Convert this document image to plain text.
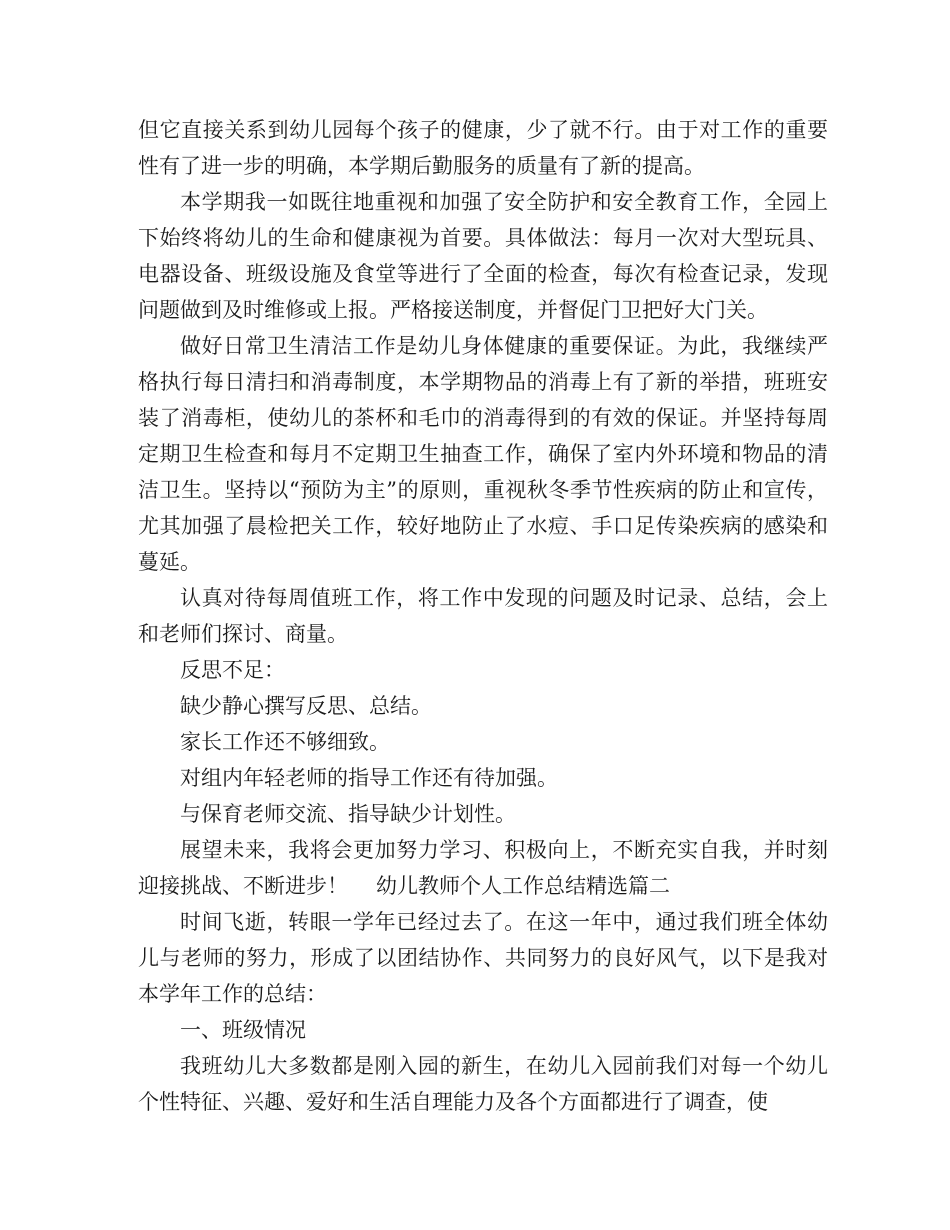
但它直接关系到幼儿园每个孩子的健康，少了就不行。由于对工作的重要性有了进一步的明确，本学期后勤服务的质量有了新的提高。

本学期我一如既往地重视和加强了安全防护和安全教育工作，全园上下始终将幼儿的生命和健康视为首要。具体做法：每月一次对大型玩具、电器设备、班级设施及食堂等进行了全面的检查，每次有检查记录，发现问题做到及时维修或上报。严格接送制度，并督促门卫把好大门关。

做好日常卫生清洁工作是幼儿身体健康的重要保证。为此，我继续严格执行每日清扫和消毒制度，本学期物品的消毒上有了新的举措，班班安装了消毒柜，使幼儿的茶杯和毛巾的消毒得到的有效的保证。并坚持每周定期卫生检查和每月不定期卫生抽查工作，确保了室内外环境和物品的清洁卫生。坚持以“预防为主”的原则，重视秋冬季节性疾病的防止和宣传，尤其加强了晨检把关工作，较好地防止了水痘、手口足传染疾病的感染和蔓延。

认真对待每周值班工作，将工作中发现的问题及时记录、总结，会上和老师们探讨、商量。

反思不足：

缺少静心撰写反思、总结。

家长工作还不够细致。

对组内年轻老师的指导工作还有待加强。

与保育老师交流、指导缺少计划性。

展望未来，我将会更加努力学习、积极向上，不断充实自我，并时刻迎接挑战、不断进步！ 幼儿教师个人工作总结精选篇二

时间飞逝，转眼一学年已经过去了。在这一年中，通过我们班全体幼儿与老师的努力，形成了以团结协作、共同努力的良好风气，以下是我对本学年工作的总结：

一、班级情况

我班幼儿大多数都是刚入园的新生，在幼儿入园前我们对每一个幼儿个性特征、兴趣、爱好和生活自理能力及各个方面都进行了调查，使
